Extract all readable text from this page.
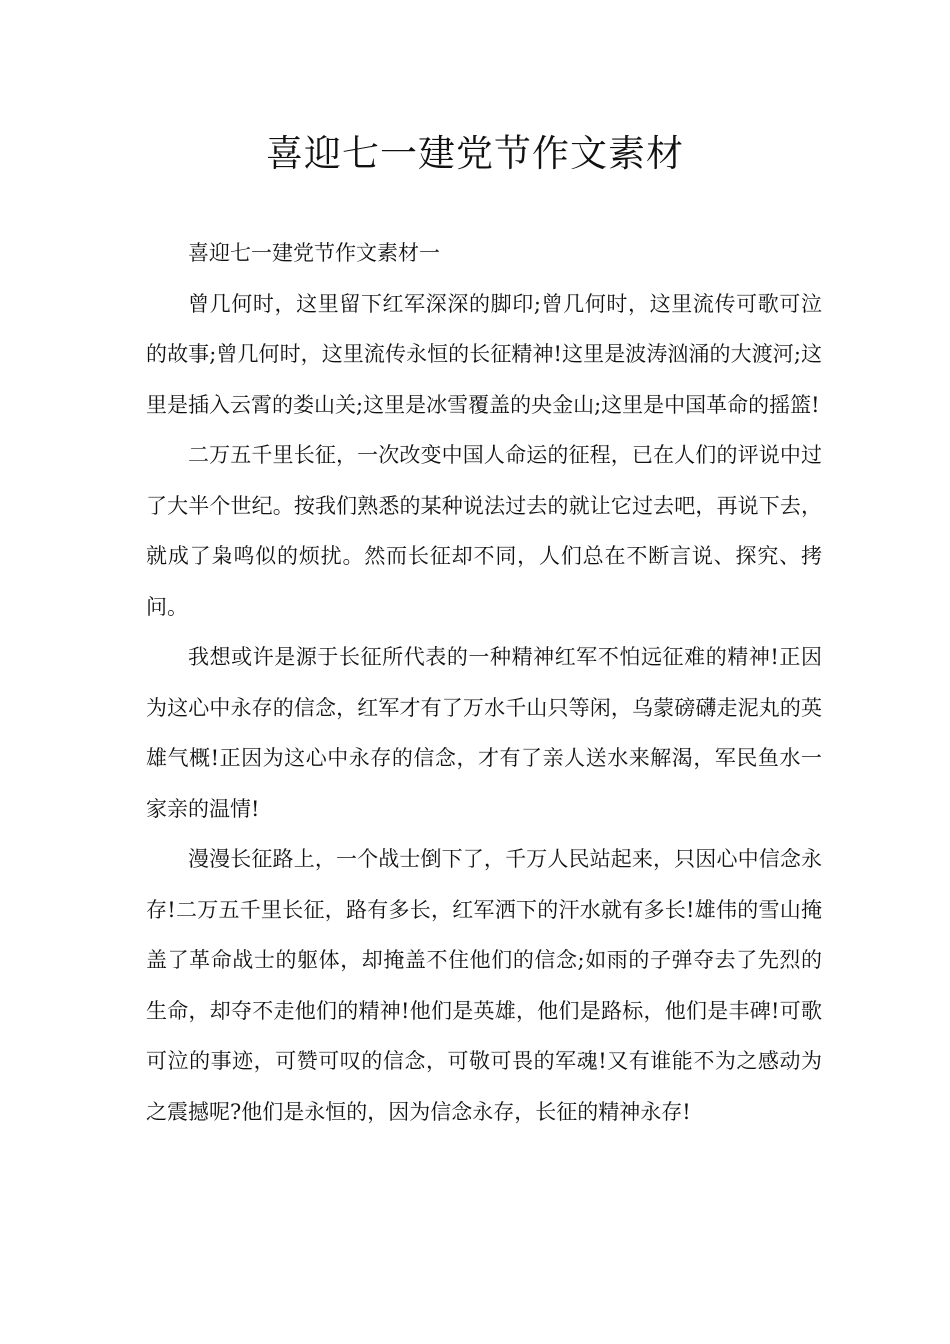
喜迎七一建党节作文素材

喜迎七一建党节作文素材一

曾几何时，这里留下红军深深的脚印;曾几何时，这里流传可歌可泣的故事;曾几何时，这里流传永恒的长征精神!这里是波涛汹涌的大渡河;这里是插入云霄的娄山关;这里是冰雪覆盖的央金山;这里是中国革命的摇篮!

二万五千里长征，一次改变中国人命运的征程，已在人们的评说中过了大半个世纪。按我们熟悉的某种说法过去的就让它过去吧，再说下去，就成了枭鸣似的烦扰。然而长征却不同，人们总在不断言说、探究、拷问。

我想或许是源于长征所代表的一种精神红军不怕远征难的精神!正因为这心中永存的信念，红军才有了万水千山只等闲，乌蒙磅礴走泥丸的英雄气概!正因为这心中永存的信念，才有了亲人送水来解渴，军民鱼水一家亲的温情!

漫漫长征路上，一个战士倒下了，千万人民站起来，只因心中信念永存!二万五千里长征，路有多长，红军洒下的汗水就有多长!雄伟的雪山掩盖了革命战士的躯体，却掩盖不住他们的信念;如雨的子弹夺去了先烈的生命，却夺不走他们的精神!他们是英雄，他们是路标，他们是丰碑!可歌可泣的事迹，可赞可叹的信念，可敬可畏的军魂!又有谁能不为之感动为之震撼呢?他们是永恒的，因为信念永存，长征的精神永存!
